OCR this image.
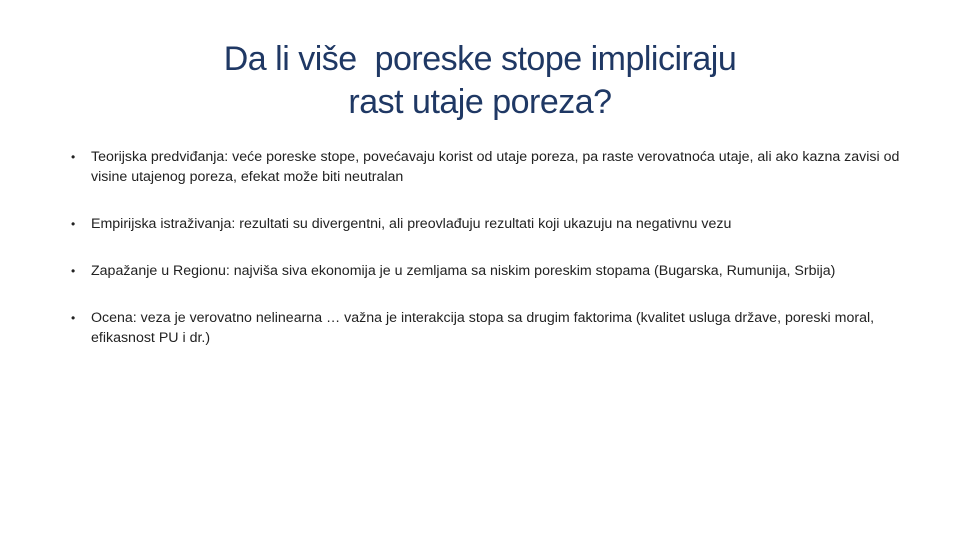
Da li više  poreske stope impliciraju
rast utaje poreza?
• Teorijska predviđanja: veće poreske stope, povećavaju korist od utaje poreza, pa raste verovatnoća utaje, ali ako kazna zavisi od visine utajenog poreza, efekat može biti neutralan
• Empirijska istraživanja: rezultati su divergentni, ali preovlađuju rezultati koji ukazuju na negativnu vezu
• Zapažanje u Regionu: najviša siva ekonomija je u zemljama sa niskim poreskim stopama (Bugarska, Rumunija, Srbija)
• Ocena: veza je verovatno nelinearna … važna je interakcija stopa sa drugim faktorima (kvalitet usluga države, poreski moral, efikasnost PU i dr.)
